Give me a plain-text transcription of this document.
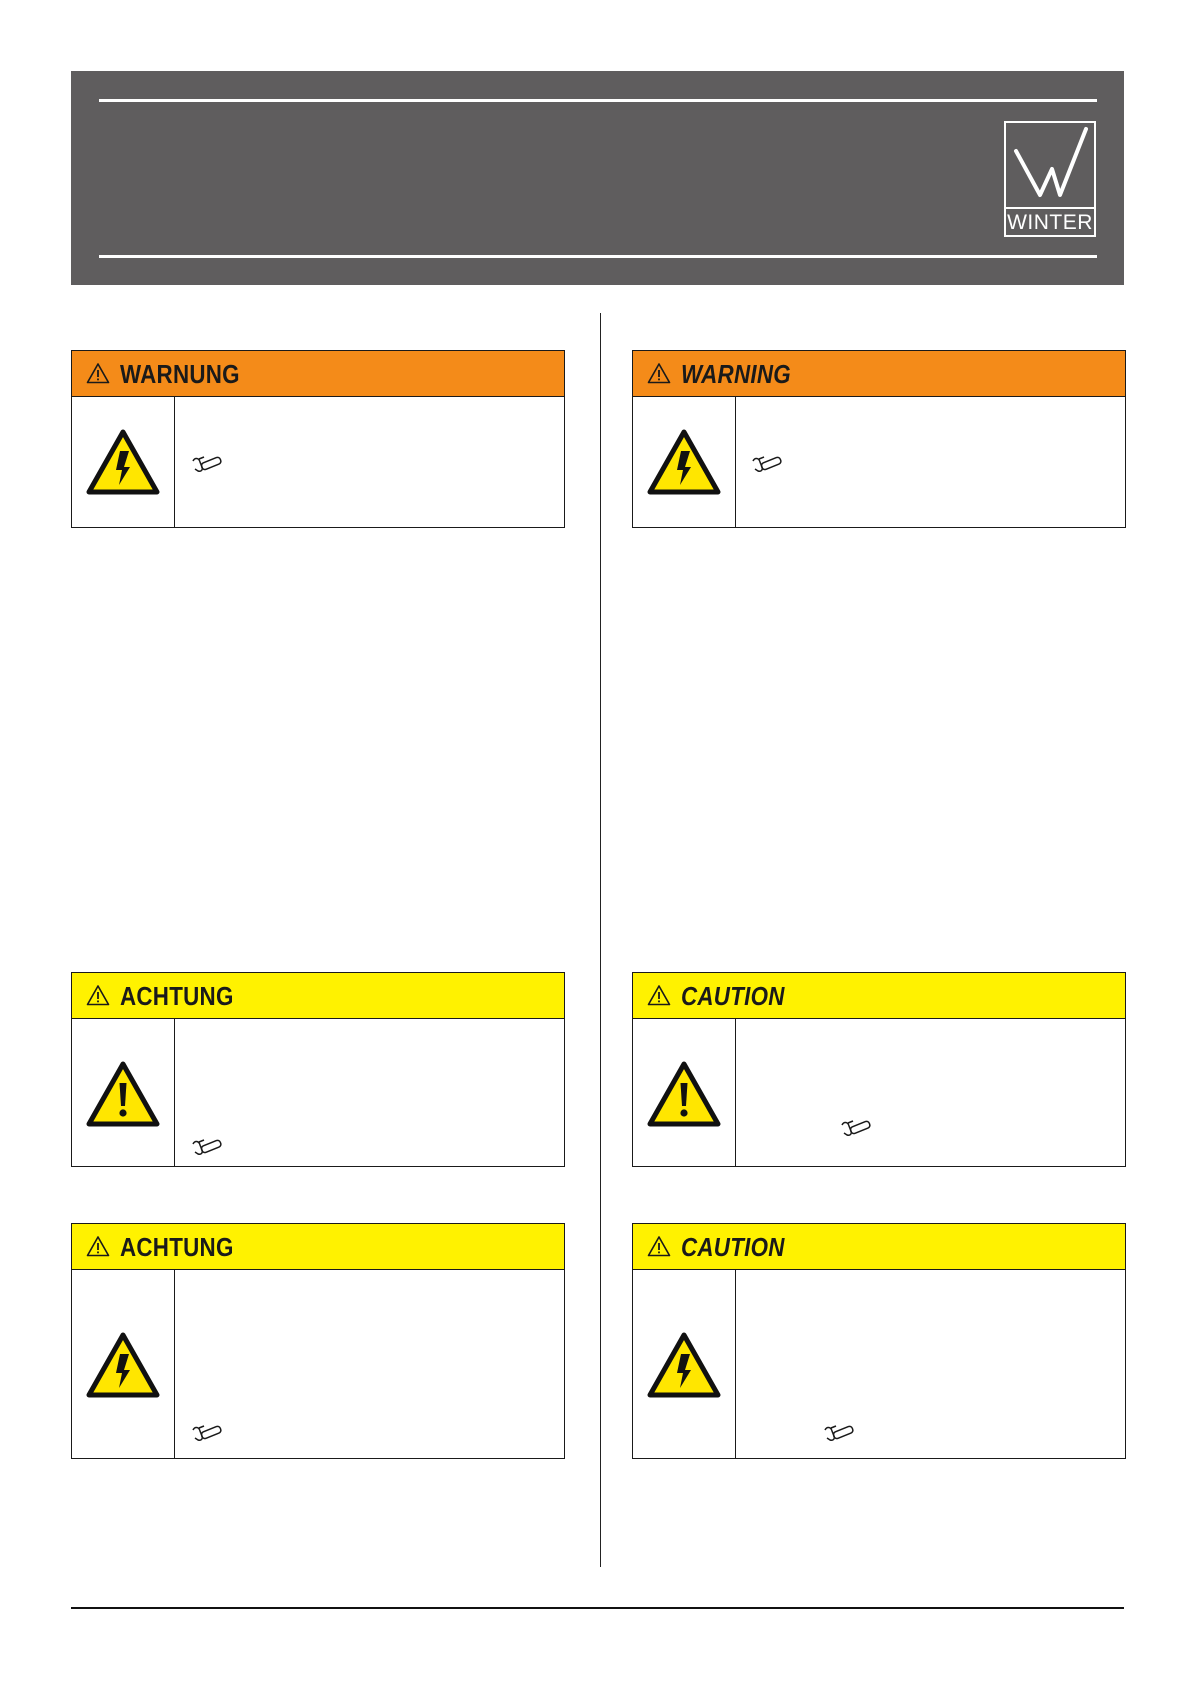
WINTER
WARNUNG
ACHTUNG
ACHTUNG
WARNING
CAUTION
CAUTION
